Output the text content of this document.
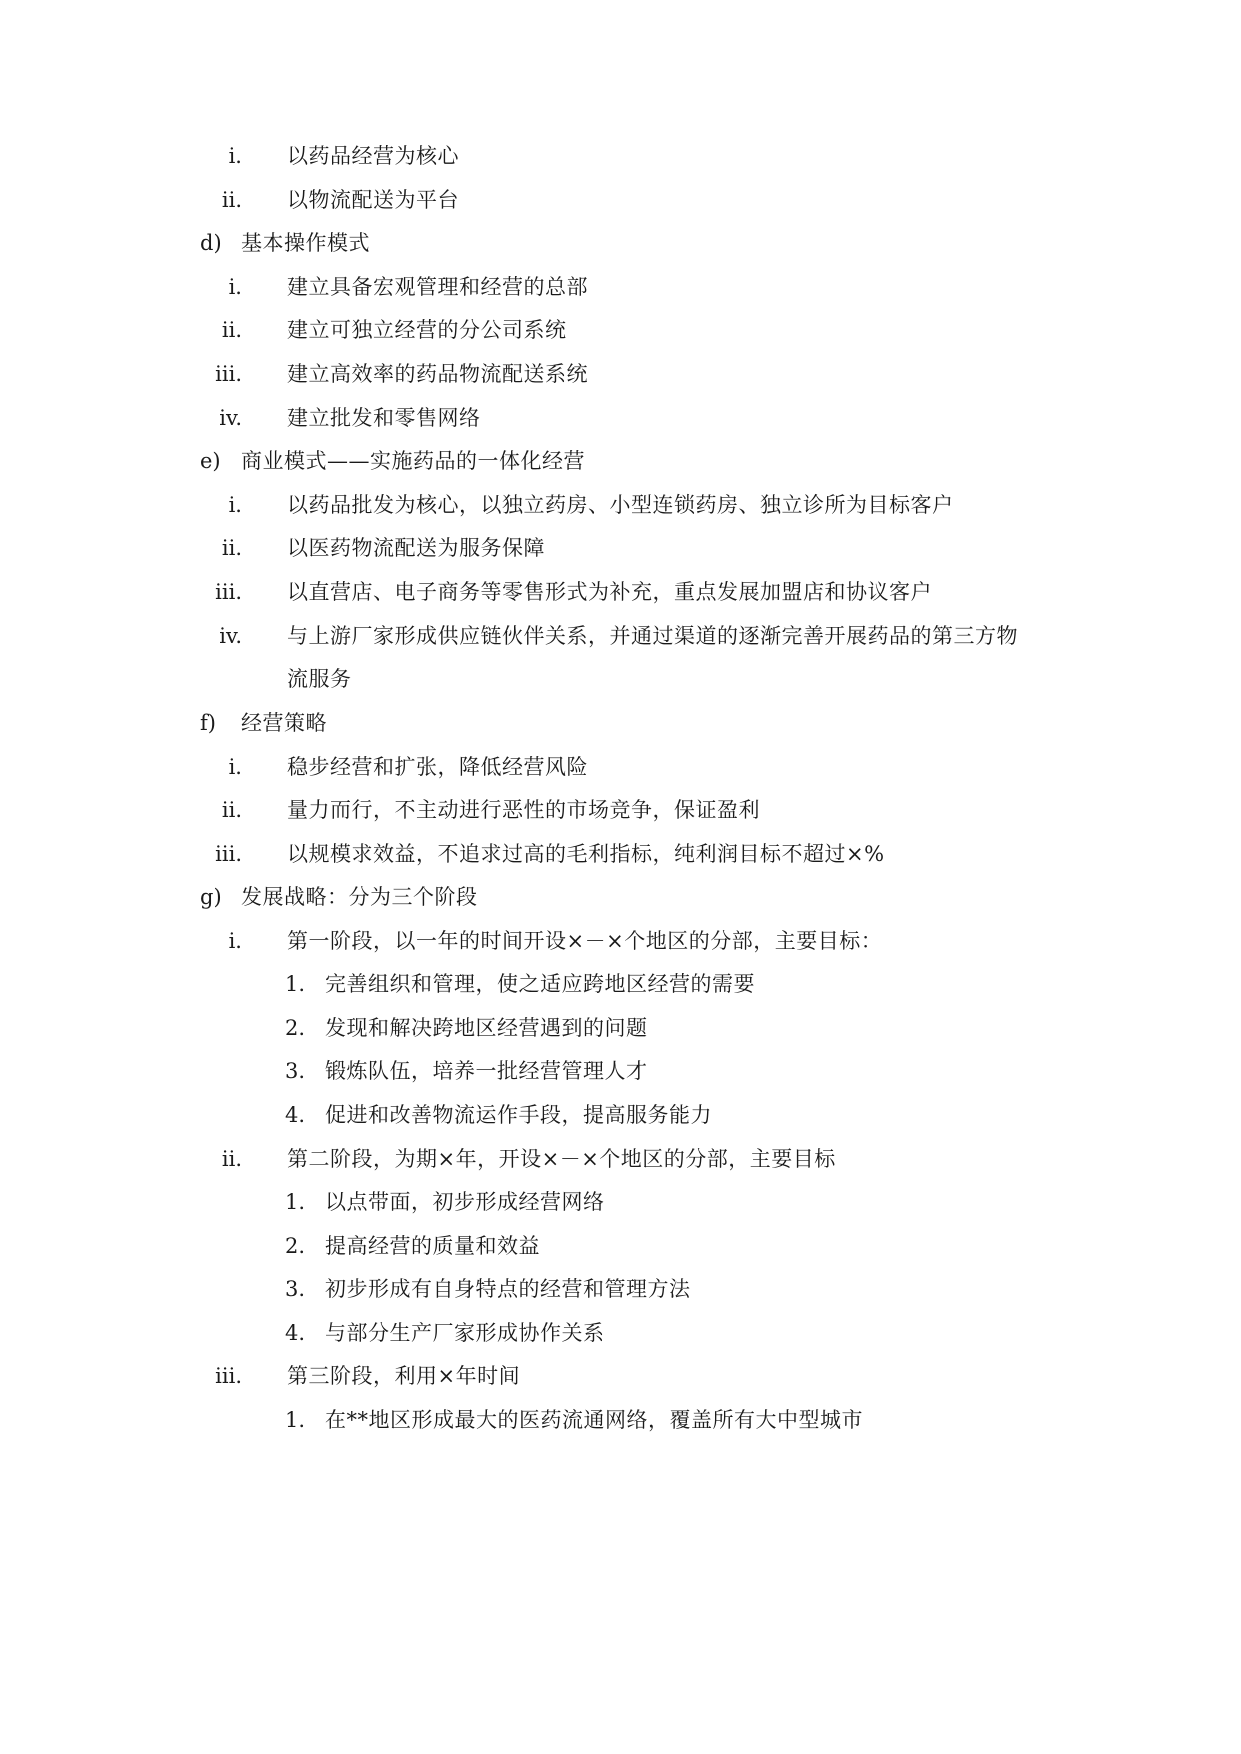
i. 以药品经营为核心
ii. 以物流配送为平台
d) 基本操作模式
i. 建立具备宏观管理和经营的总部
ii. 建立可独立经营的分公司系统
iii. 建立高效率的药品物流配送系统
iv. 建立批发和零售网络
e) 商业模式——实施药品的一体化经营
i. 以药品批发为核心，以独立药房、小型连锁药房、独立诊所为目标客户
ii. 以医药物流配送为服务保障
iii. 以直营店、电子商务等零售形式为补充，重点发展加盟店和协议客户
iv. 与上游厂家形成供应链伙伴关系，并通过渠道的逐渐完善开展药品的第三方物
流服务
f) 经营策略
i. 稳步经营和扩张，降低经营风险
ii. 量力而行，不主动进行恶性的市场竞争，保证盈利
iii. 以规模求效益，不追求过高的毛利指标，纯利润目标不超过×%
g) 发展战略：分为三个阶段
i. 第一阶段，以一年的时间开设×－×个地区的分部，主要目标：
1. 完善组织和管理，使之适应跨地区经营的需要
2. 发现和解决跨地区经营遇到的问题
3. 锻炼队伍，培养一批经营管理人才
4. 促进和改善物流运作手段，提高服务能力
ii. 第二阶段，为期×年，开设×－×个地区的分部，主要目标
1. 以点带面，初步形成经营网络
2. 提高经营的质量和效益
3. 初步形成有自身特点的经营和管理方法
4. 与部分生产厂家形成协作关系
iii. 第三阶段，利用×年时间
1. 在**地区形成最大的医药流通网络，覆盖所有大中型城市
